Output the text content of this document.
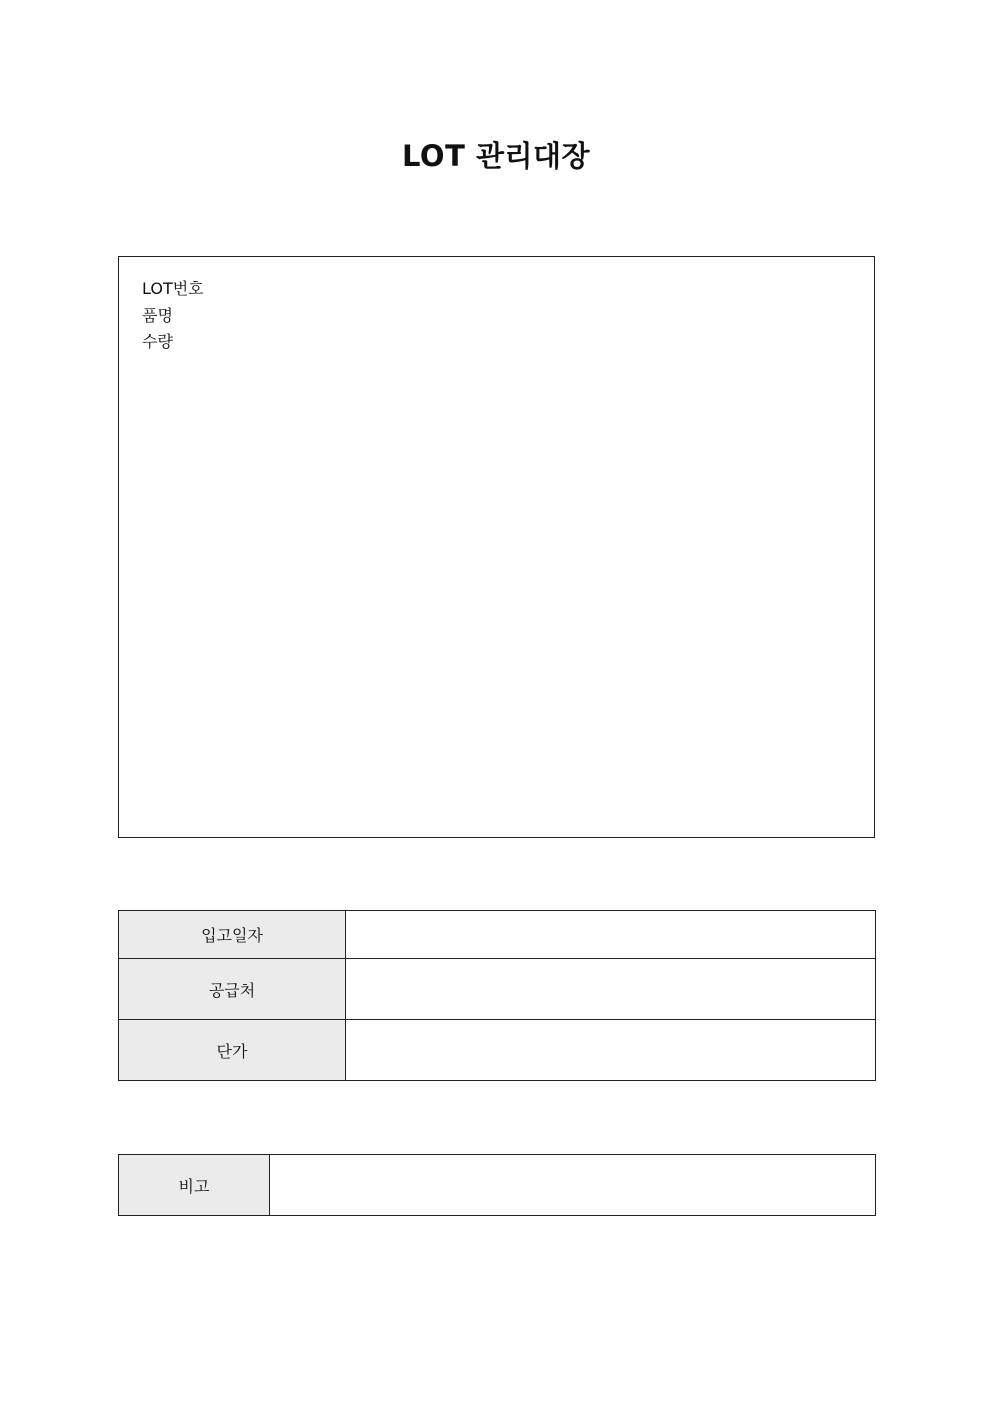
LOT 관리대장
LOT번호
품명
수량
입고일자	
공급처	
단가	
비고	
